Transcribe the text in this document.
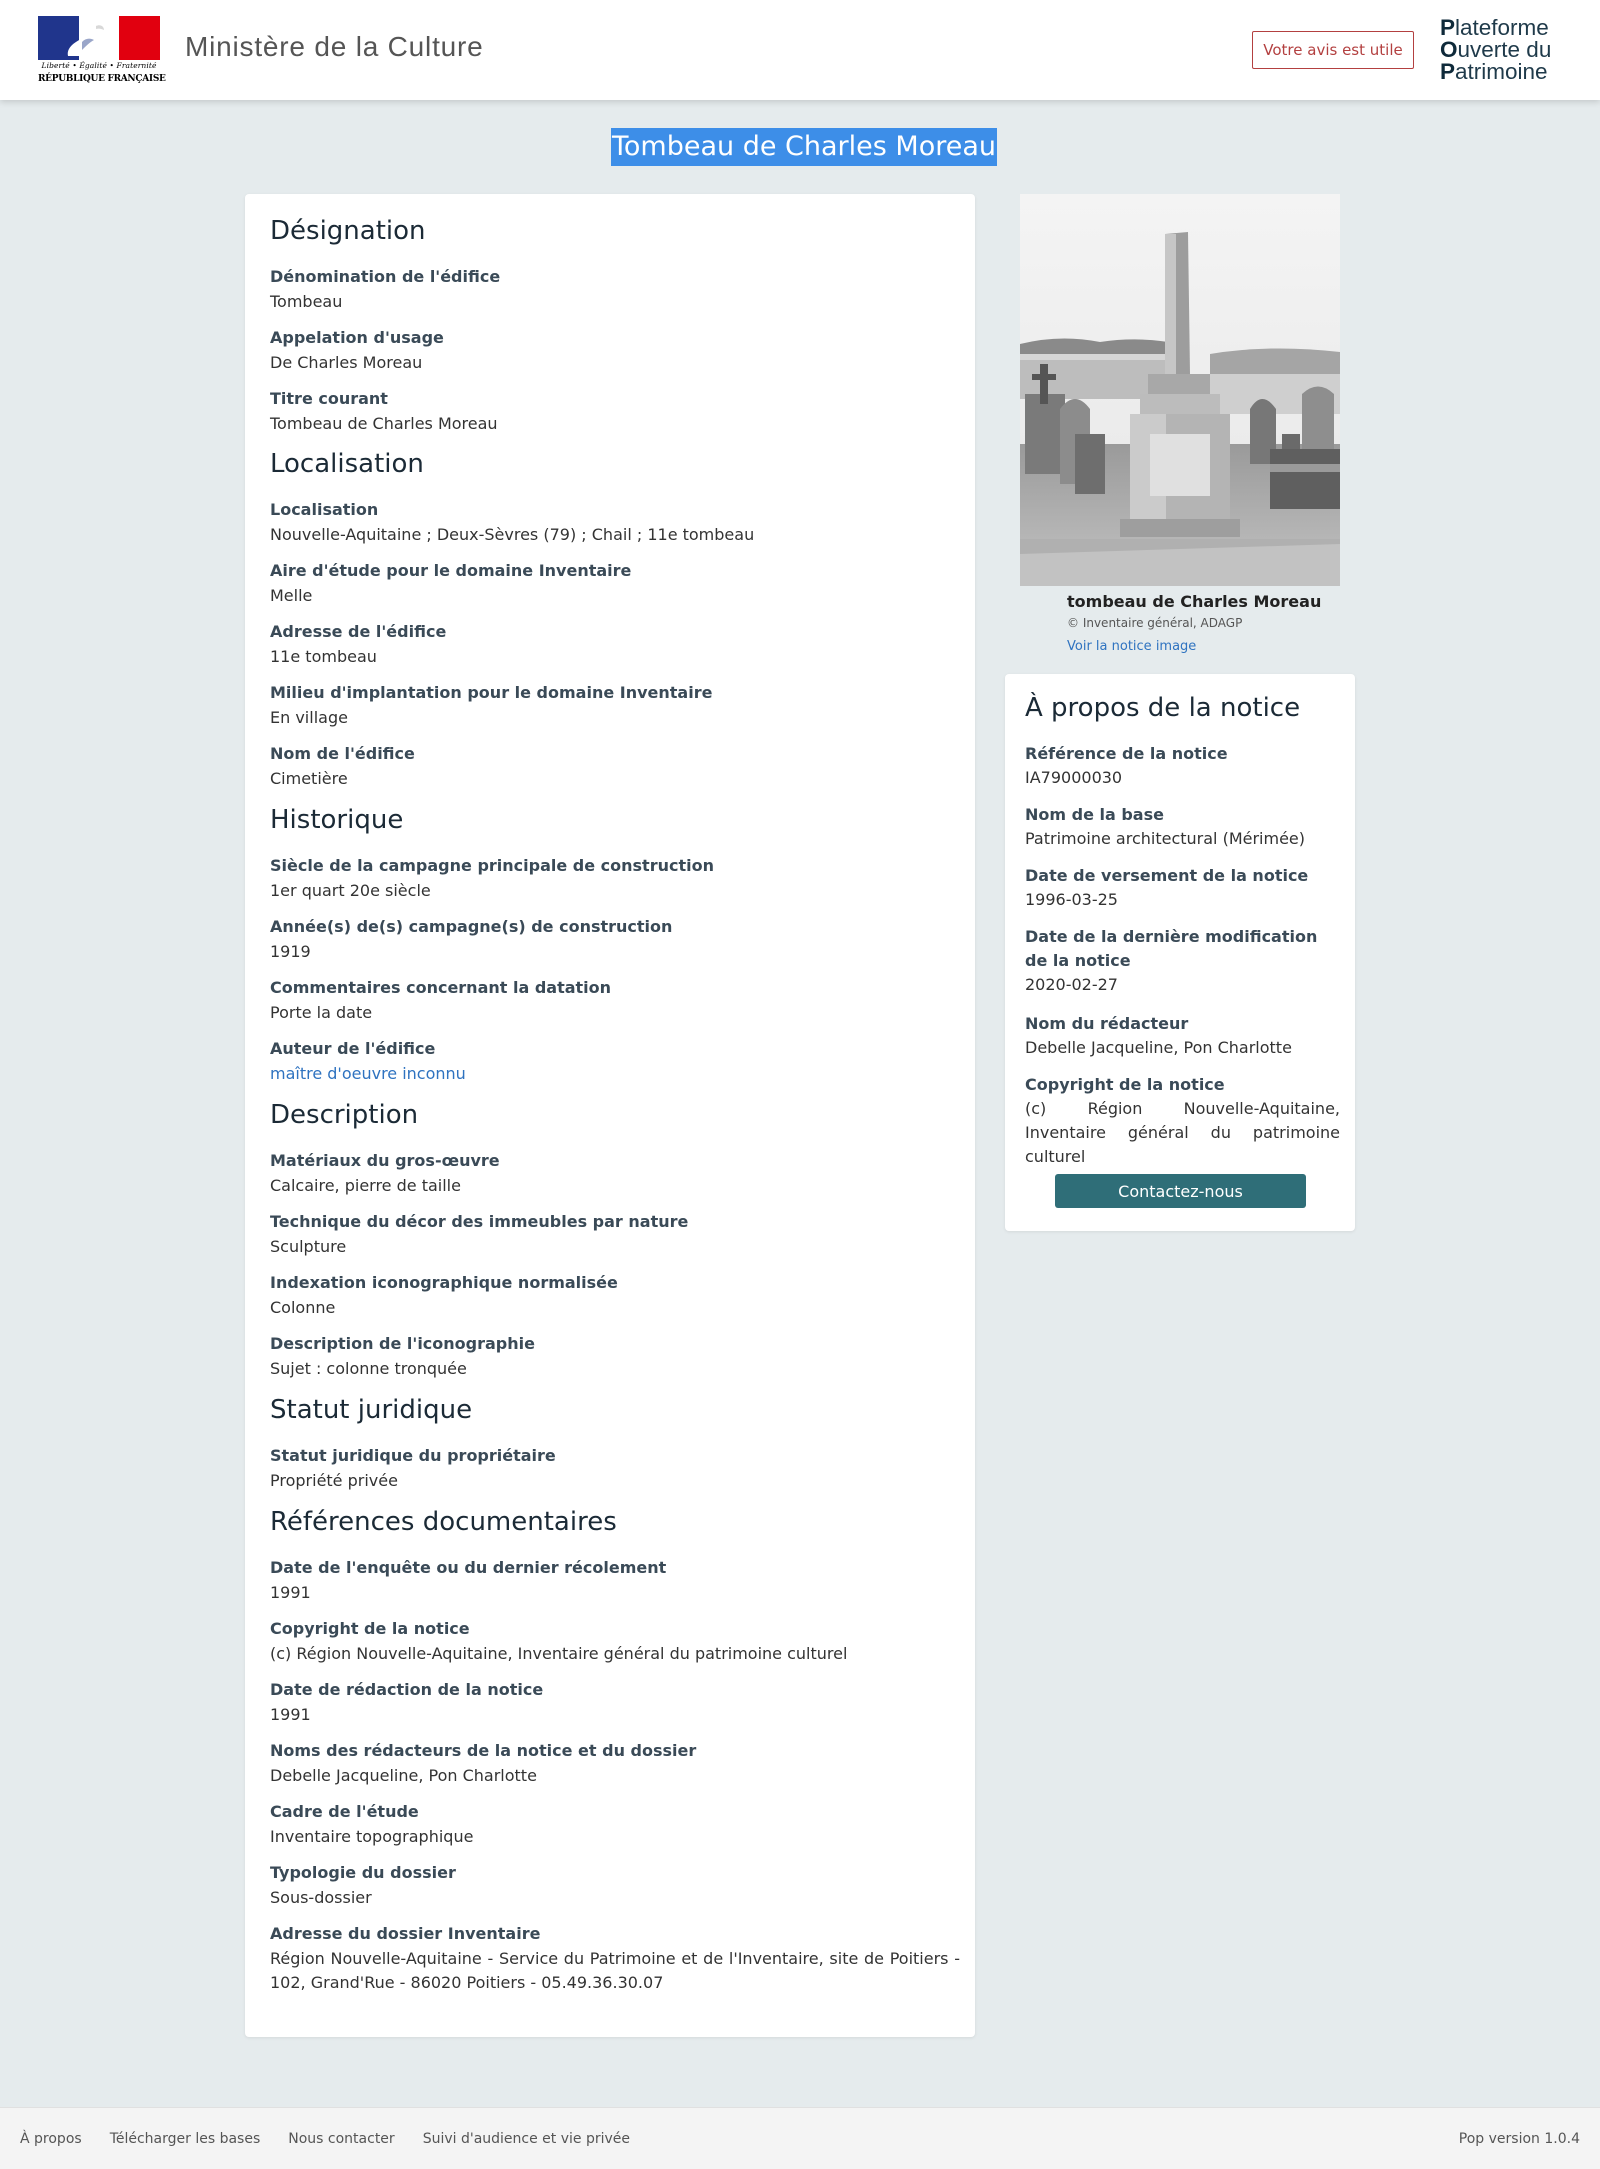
Liberté • Égalité • Fraternité
RÉPUBLIQUE FRANÇAISE
Ministère de la Culture	Votre avis est utile
Plateforme
Ouverte du
Patrimoine
Tombeau de Charles Moreau
Désignation
Dénomination de l'édifice
Tombeau
Appelation d'usage
De Charles Moreau
Titre courant
Tombeau de Charles Moreau
Localisation
Localisation
Nouvelle-Aquitaine ; Deux-Sèvres (79) ; Chail ; 11e tombeau
Aire d'étude pour le domaine Inventaire
Melle
Adresse de l'édifice
11e tombeau
Milieu d'implantation pour le domaine Inventaire
En village
Nom de l'édifice
Cimetière
Historique
Siècle de la campagne principale de construction
1er quart 20e siècle
Année(s) de(s) campagne(s) de construction
1919
Commentaires concernant la datation
Porte la date
Auteur de l'édifice
maître d'oeuvre inconnu
Description
Matériaux du gros-œuvre
Calcaire, pierre de taille
Technique du décor des immeubles par nature
Sculpture
Indexation iconographique normalisée
Colonne
Description de l'iconographie
Sujet : colonne tronquée
Statut juridique
Statut juridique du propriétaire
Propriété privée
Références documentaires
Date de l'enquête ou du dernier récolement
1991
Copyright de la notice
(c) Région Nouvelle-Aquitaine, Inventaire général du patrimoine culturel
Date de rédaction de la notice
1991
Noms des rédacteurs de la notice et du dossier
Debelle Jacqueline, Pon Charlotte
Cadre de l'étude
Inventaire topographique
Typologie du dossier
Sous-dossier
Adresse du dossier Inventaire
Région Nouvelle-Aquitaine - Service du Patrimoine et de l'Inventaire, site de Poitiers - 102, Grand'Rue - 86020 Poitiers - 05.49.36.30.07
tombeau de Charles Moreau
© Inventaire général, ADAGP
Voir la notice image
À propos de la notice
Référence de la notice
IA79000030
Nom de la base
Patrimoine architectural (Mérimée)
Date de versement de la notice
1996-03-25
Date de la dernière modification de la notice
2020-02-27
Nom du rédacteur
Debelle Jacqueline, Pon Charlotte
Copyright de la notice
(c) Région Nouvelle-Aquitaine, Inventaire général du patrimoine culturel
Contactez-nous
À propos Télécharger les bases Nous contacter Suivi d'audience et vie privée	Pop version 1.0.4
